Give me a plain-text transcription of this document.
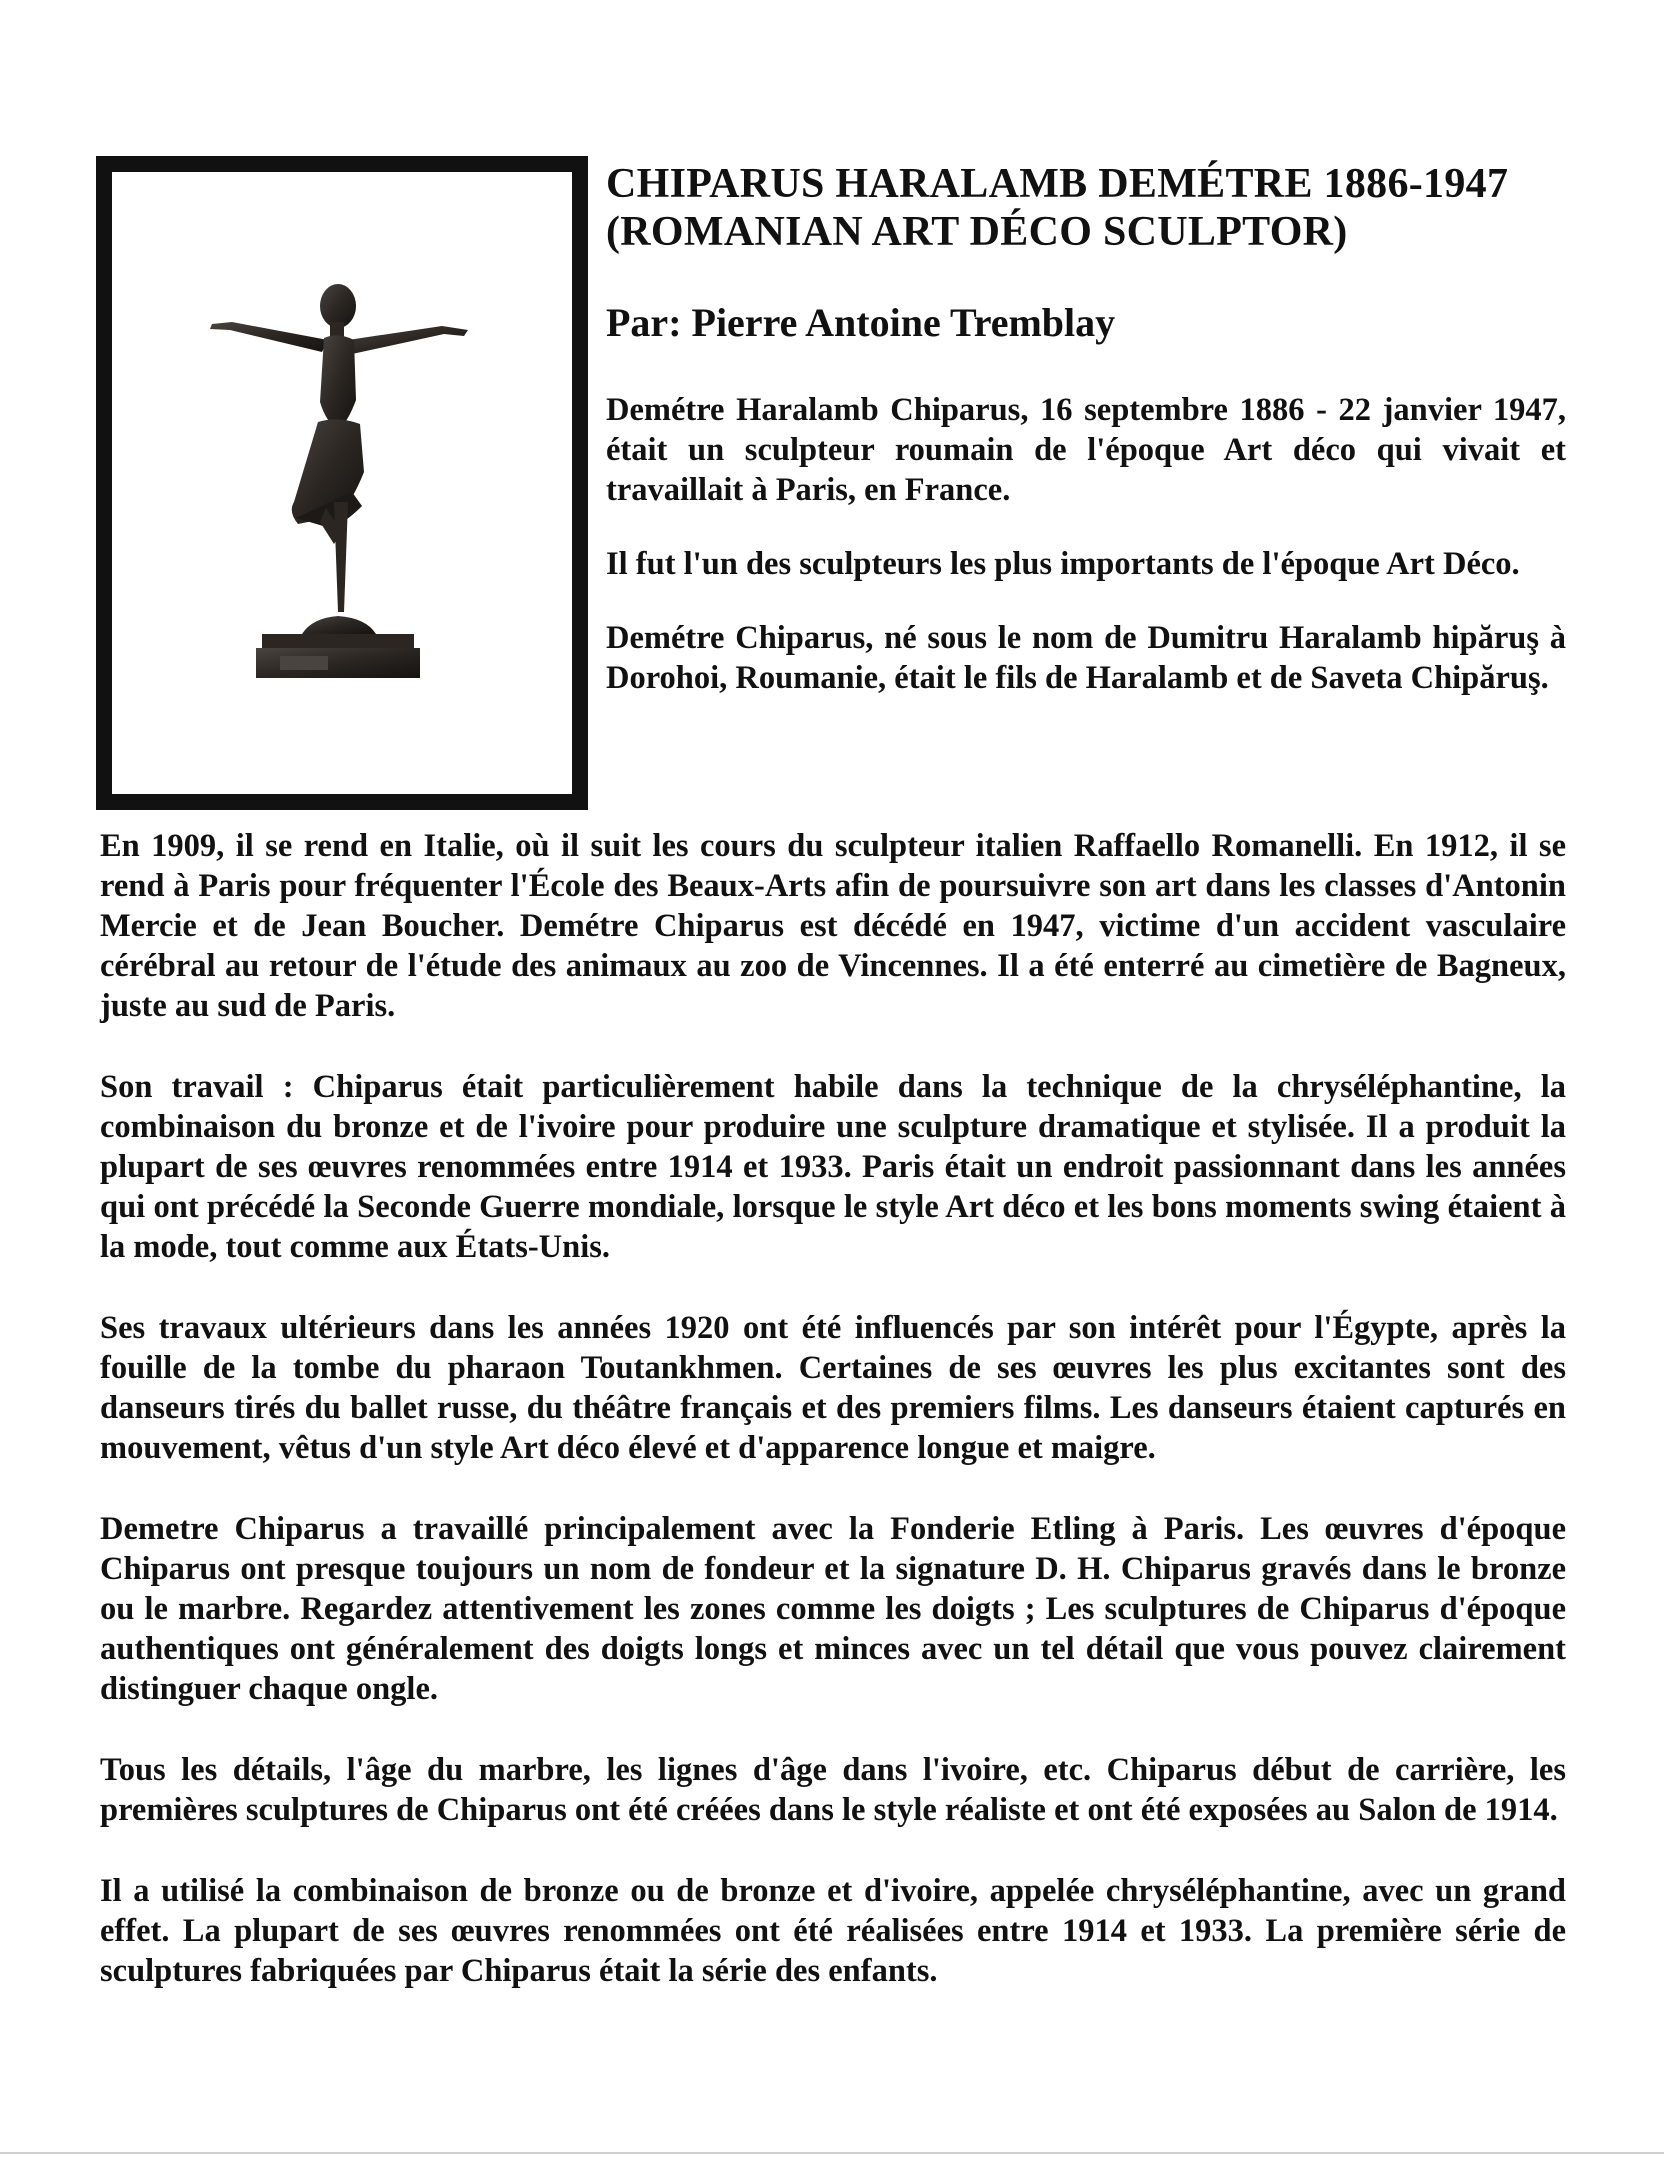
CHIPARUS HARALAMB DEMÉTRE 1886-1947
(ROMANIAN ART DÉCO SCULPTOR)
Par: Pierre Antoine Tremblay

Demétre Haralamb Chiparus, 16 septembre 1886 - 22 janvier 1947, était un sculpteur roumain de l'époque Art déco qui vivait et travaillait à Paris, en France.

Il fut l'un des sculpteurs les plus importants de l'époque Art Déco.

Demétre Chiparus, né sous le nom de Dumitru Haralamb hipăruş à Dorohoi, Roumanie, était le fils de Haralamb et de Saveta Chipăruş.

En 1909, il se rend en Italie, où il suit les cours du sculpteur italien Raffaello Romanelli. En 1912, il se rend à Paris pour fréquenter l'École des Beaux-Arts afin de poursuivre son art dans les classes d'Antonin Mercie et de Jean Boucher. Demétre Chiparus est décédé en 1947, victime d'un accident vasculaire cérébral au retour de l'étude des animaux au zoo de Vincennes. Il a été enterré au cimetière de Bagneux, juste au sud de Paris.

Son travail : Chiparus était particulièrement habile dans la technique de la chryséléphantine, la combinaison du bronze et de l'ivoire pour produire une sculpture dramatique et stylisée. Il a produit la plupart de ses œuvres renommées entre 1914 et 1933. Paris était un endroit passionnant dans les années qui ont précédé la Seconde Guerre mondiale, lorsque le style Art déco et les bons moments swing étaient à la mode, tout comme aux États-Unis.

Ses travaux ultérieurs dans les années 1920 ont été influencés par son intérêt pour l'Égypte, après la fouille de la tombe du pharaon Toutankhmen. Certaines de ses œuvres les plus excitantes sont des danseurs tirés du ballet russe, du théâtre français et des premiers films. Les danseurs étaient capturés en mouvement, vêtus d'un style Art déco élevé et d'apparence longue et maigre.

Demetre Chiparus a travaillé principalement avec la Fonderie Etling à Paris. Les œuvres d'époque Chiparus ont presque toujours un nom de fondeur et la signature D. H. Chiparus gravés dans le bronze ou le marbre. Regardez attentivement les zones comme les doigts ; Les sculptures de Chiparus d'époque authentiques ont généralement des doigts longs et minces avec un tel détail que vous pouvez clairement distinguer chaque ongle.

Tous les détails, l'âge du marbre, les lignes d'âge dans l'ivoire, etc. Chiparus début de carrière, les premières sculptures de Chiparus ont été créées dans le style réaliste et ont été exposées au Salon de 1914.

Il a utilisé la combinaison de bronze ou de bronze et d'ivoire, appelée chryséléphantine, avec un grand effet. La plupart de ses œuvres renommées ont été réalisées entre 1914 et 1933. La première série de sculptures fabriquées par Chiparus était la série des enfants.
